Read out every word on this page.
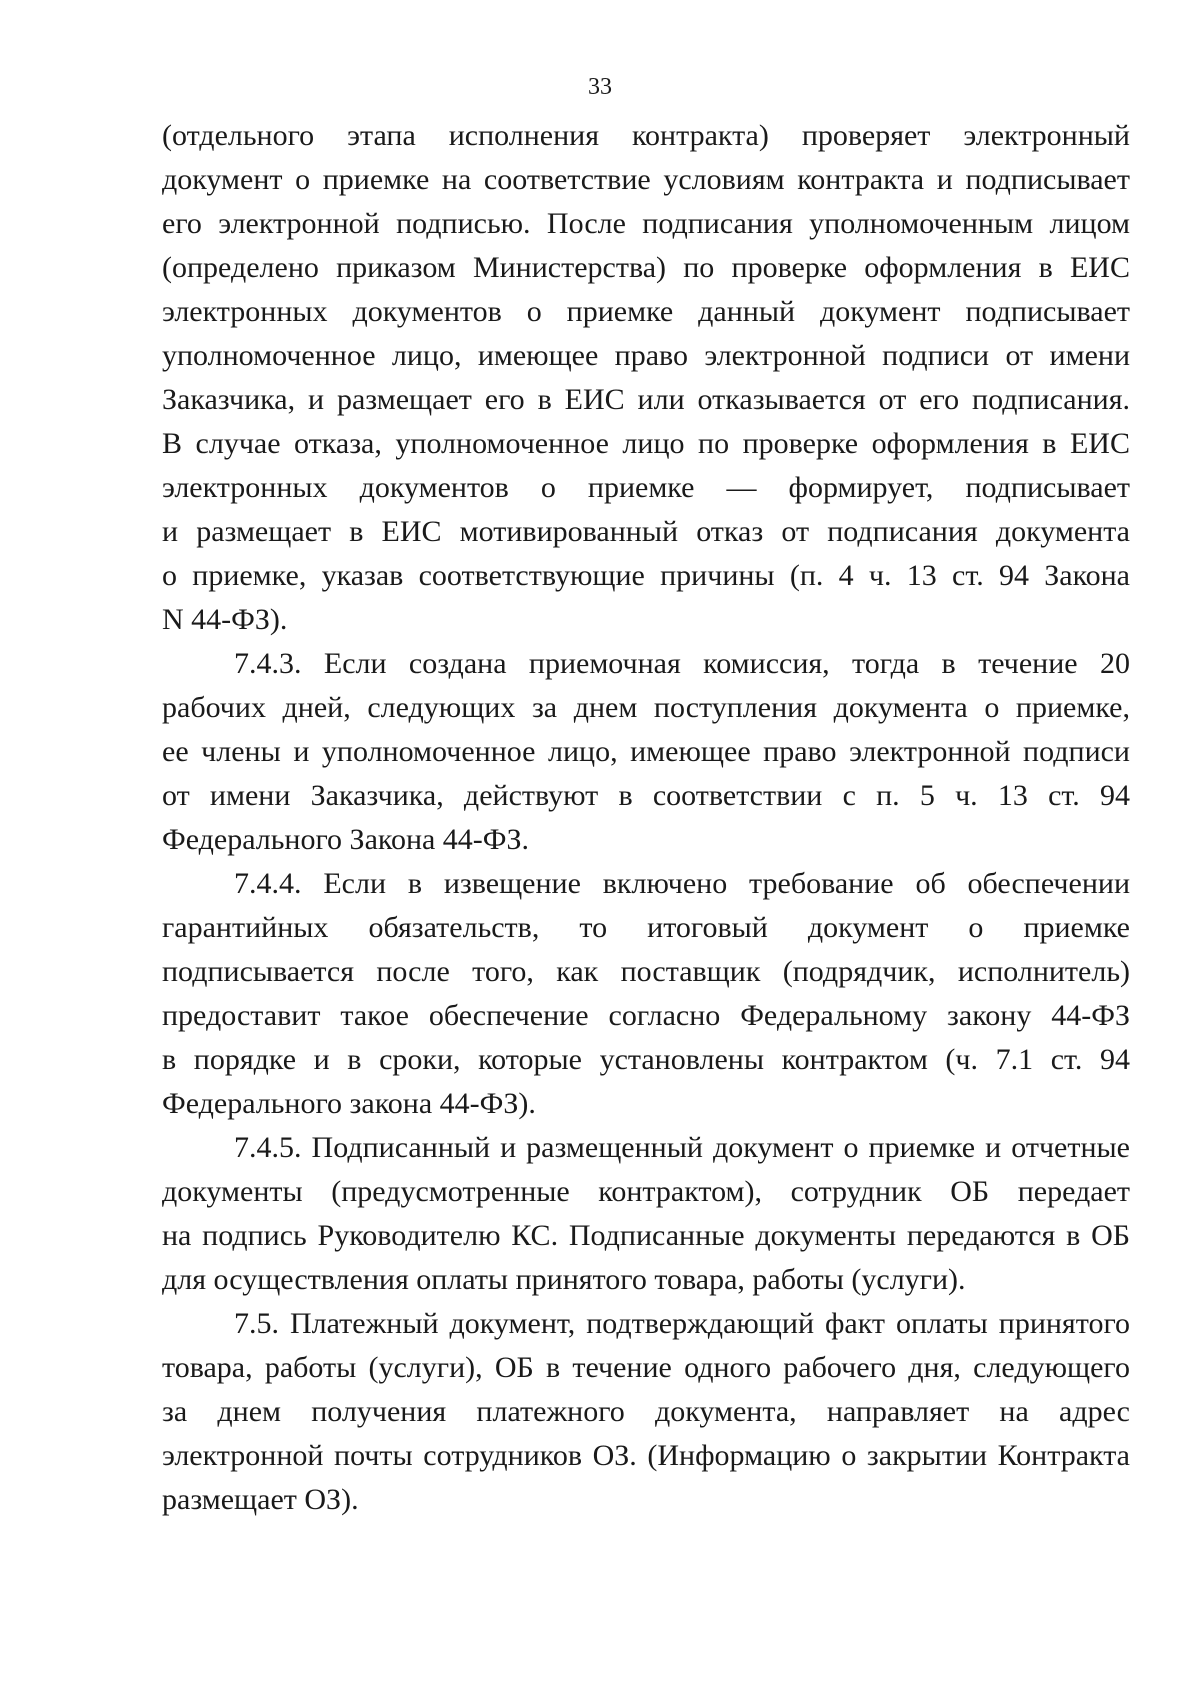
33

(отдельного этапа исполнения контракта) проверяет электронный
документ о приемке на соответствие условиям контракта и подписывает
его электронной подписью. После подписания уполномоченным лицом
(определено приказом Министерства) по проверке оформления в ЕИС
электронных документов о приемке данный документ подписывает
уполномоченное лицо, имеющее право электронной подписи от имени
Заказчика, и размещает его в ЕИС или отказывается от его подписания.
В случае отказа, уполномоченное лицо по проверке оформления в ЕИС
электронных документов о приемке — формирует, подписывает
и размещает в ЕИС мотивированный отказ от подписания документа
о приемке, указав соответствующие причины (п. 4 ч. 13 ст. 94 Закона
N 44-ФЗ).

7.4.3. Если создана приемочная комиссия, тогда в течение 20
рабочих дней, следующих за днем поступления документа о приемке,
ее члены и уполномоченное лицо, имеющее право электронной подписи
от имени Заказчика, действуют в соответствии с п. 5 ч. 13 ст. 94
Федерального Закона 44-ФЗ.

7.4.4. Если в извещение включено требование об обеспечении
гарантийных обязательств, то итоговый документ о приемке
подписывается после того, как поставщик (подрядчик, исполнитель)
предоставит такое обеспечение согласно Федеральному закону 44-ФЗ
в порядке и в сроки, которые установлены контрактом (ч. 7.1 ст. 94
Федерального закона 44-ФЗ).

7.4.5. Подписанный и размещенный документ о приемке и отчетные
документы (предусмотренные контрактом), сотрудник ОБ передает
на подпись Руководителю КС. Подписанные документы передаются в ОБ
для осуществления оплаты принятого товара, работы (услуги).

7.5. Платежный документ, подтверждающий факт оплаты принятого
товара, работы (услуги), ОБ в течение одного рабочего дня, следующего
за днем получения платежного документа, направляет на адрес
электронной почты сотрудников ОЗ. (Информацию о закрытии Контракта
размещает ОЗ).
